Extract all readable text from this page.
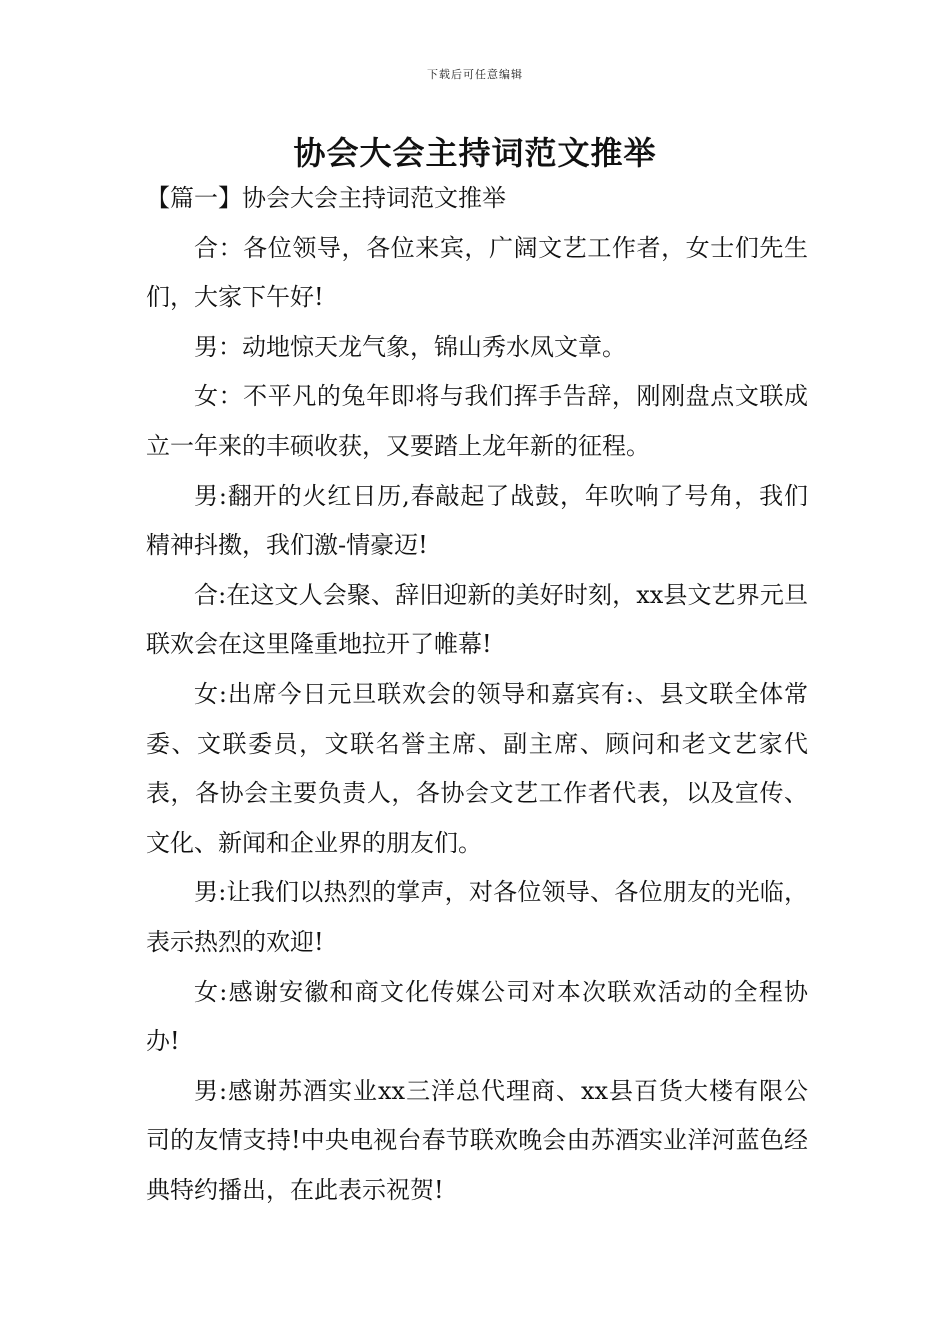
下载后可任意编辑
协会大会主持词范文推举

【篇一】协会大会主持词范文推举

合：各位领导，各位来宾，广阔文艺工作者，女士们先生们，大家下午好!

男：动地惊天龙气象，锦山秀水凤文章。

女：不平凡的兔年即将与我们挥手告辞，刚刚盘点文联成立一年来的丰硕收获，又要踏上龙年新的征程。

男:翻开的火红日历,春敲起了战鼓，年吹响了号角，我们精神抖擞，我们激-情豪迈!

合:在这文人会聚、辞旧迎新的美好时刻，xx县文艺界元旦联欢会在这里隆重地拉开了帷幕!

女:出席今日元旦联欢会的领导和嘉宾有:、县文联全体常委、文联委员，文联名誉主席、副主席、顾问和老文艺家代表，各协会主要负责人，各协会文艺工作者代表，以及宣传、文化、新闻和企业界的朋友们。

男:让我们以热烈的掌声，对各位领导、各位朋友的光临，表示热烈的欢迎!

女:感谢安徽和商文化传媒公司对本次联欢活动的全程协办!

男:感谢苏酒实业xx三洋总代理商、xx县百货大楼有限公司的友情支持!中央电视台春节联欢晚会由苏酒实业洋河蓝色经典特约播出，在此表示祝贺!
